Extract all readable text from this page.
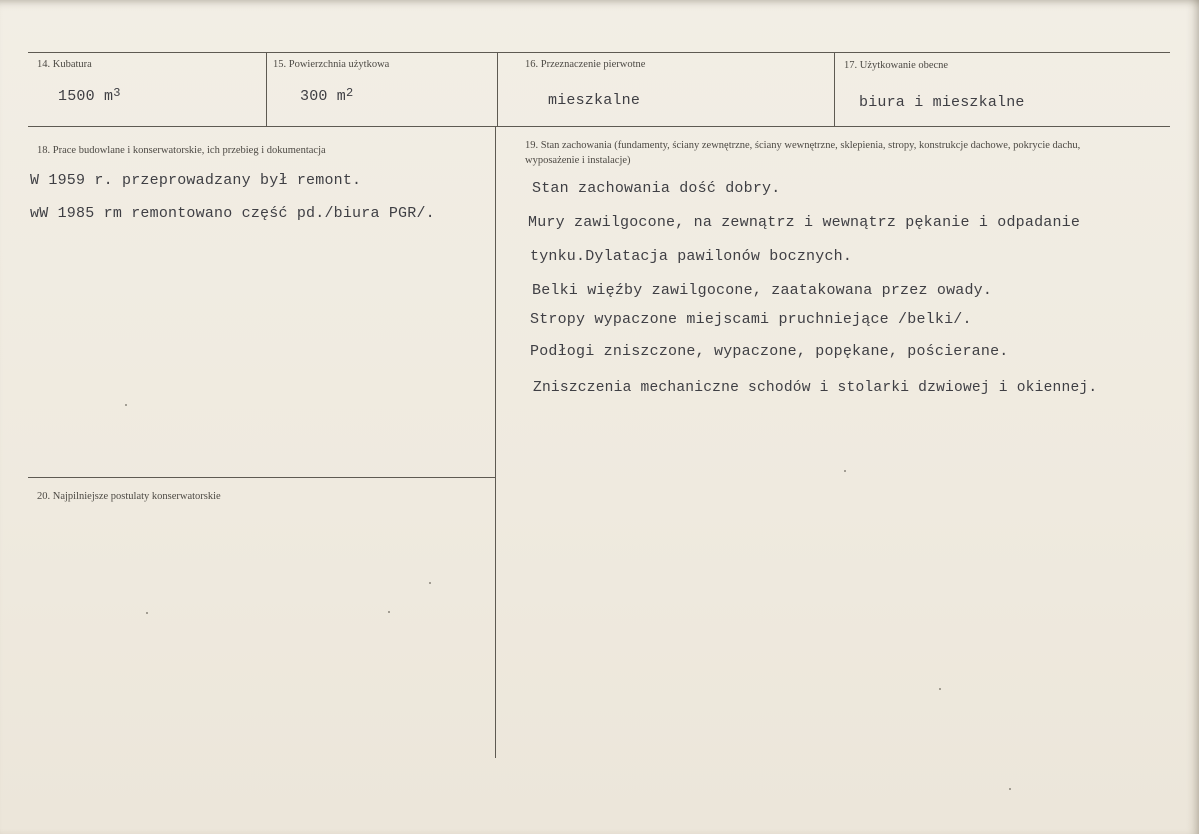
14. Kubatura
1500 $m^3$
15. Powierzchnia użytkowa
300 $m^2$
16. Przeznaczenie pierwotne
mieszkalne
17. Użytkowanie obecne
biura i mieszkalne
18. Prace budowlane i konserwatorskie, ich przebieg i dokumentacja
W 1959 r. przeprowadzany był remont.
wW 1985 rm remontowano część pd./biura PGR/.
19. Stan zachowania (fundamenty, ściany zewnętrzne, ściany wewnętrzne, sklepienia, stropy, konstrukcje dachowe, pokrycie dachu, wyposażenie i instalacje)
Stan zachowania dość dobry.
Mury zawilgocone, na zewnątrz i wewnątrz pękanie i odpadanie
tynku.Dylatacja pawilonów bocznych.
Belki więźby zawilgocone, zaatakowana przez owady.
Stropy wypaczone miejscami pruchniejące /belki/.
Podłogi zniszczone, wypaczone, popękane, pościerane.
Zniszczenia mechaniczne schodów i stolarki dzwiowej i okiennej.
20. Najpilniejsze postulaty konserwatorskie
